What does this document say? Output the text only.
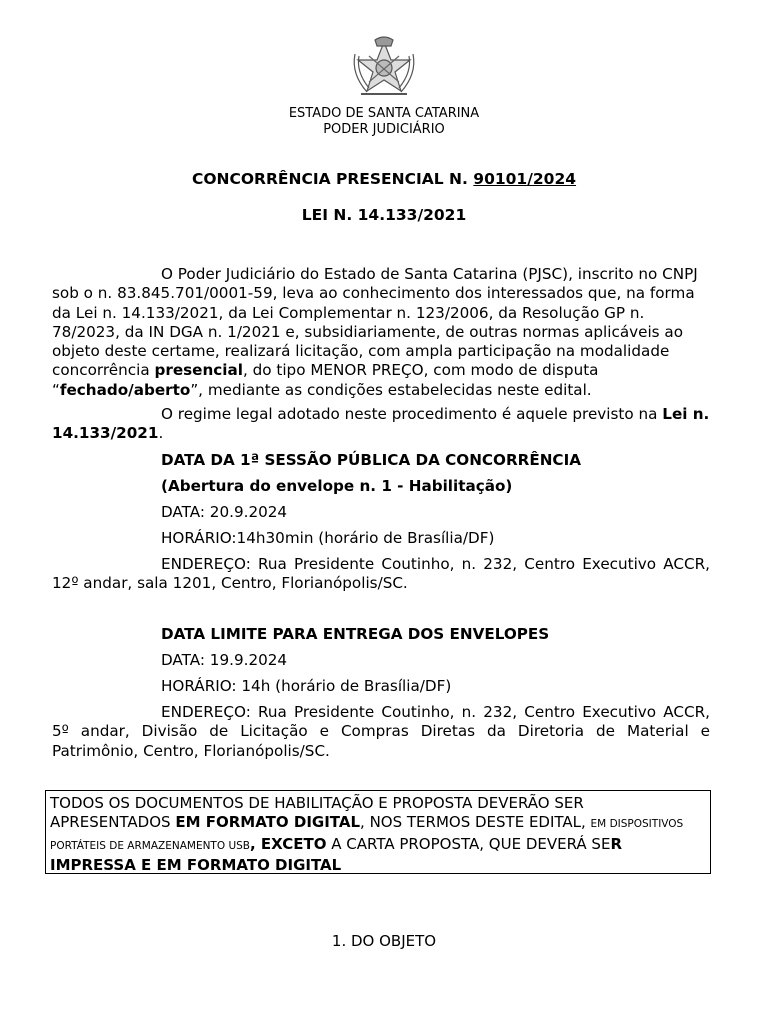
ESTADO DE SANTA CATARINA
PODER JUDICIÁRIO
CONCORRÊNCIA PRESENCIAL N. 90101/2024
LEI N. 14.133/2021
O Poder Judiciário do Estado de Santa Catarina (PJSC), inscrito no CNPJ sob o n. 83.845.701/0001-59, leva ao conhecimento dos interessados que, na forma da Lei n. 14.133/2021, da Lei Complementar n. 123/2006, da Resolução GP n. 78/2023, da IN DGA n. 1/2021 e, subsidiariamente, de outras normas aplicáveis ao objeto deste certame, realizará licitação, com ampla participação na modalidade concorrência presencial, do tipo MENOR PREÇO, com modo de disputa “fechado/aberto”, mediante as condições estabelecidas neste edital.
O regime legal adotado neste procedimento é aquele previsto na Lei n. 14.133/2021.
DATA DA 1ª SESSÃO PÚBLICA DA CONCORRÊNCIA
(Abertura do envelope n. 1 - Habilitação)
DATA: 20.9.2024
HORÁRIO:14h30min (horário de Brasília/DF)
ENDEREÇO: Rua Presidente Coutinho, n. 232, Centro Executivo ACCR, 12º andar, sala 1201, Centro, Florianópolis/SC.
DATA LIMITE PARA ENTREGA DOS ENVELOPES
DATA: 19.9.2024
HORÁRIO: 14h (horário de Brasília/DF)
ENDEREÇO: Rua Presidente Coutinho, n. 232, Centro Executivo ACCR, 5º andar, Divisão de Licitação e Compras Diretas da Diretoria de Material e Patrimônio, Centro, Florianópolis/SC.
TODOS OS DOCUMENTOS DE HABILITAÇÃO E PROPOSTA DEVERÃO SER APRESENTADOS EM FORMATO DIGITAL, NOS TERMOS DESTE EDITAL, EM DISPOSITIVOS PORTÁTEIS DE ARMAZENAMENTO USB, EXCETO A CARTA PROPOSTA, QUE DEVERÁ SER IMPRESSA E EM FORMATO DIGITAL
1. DO OBJETO
